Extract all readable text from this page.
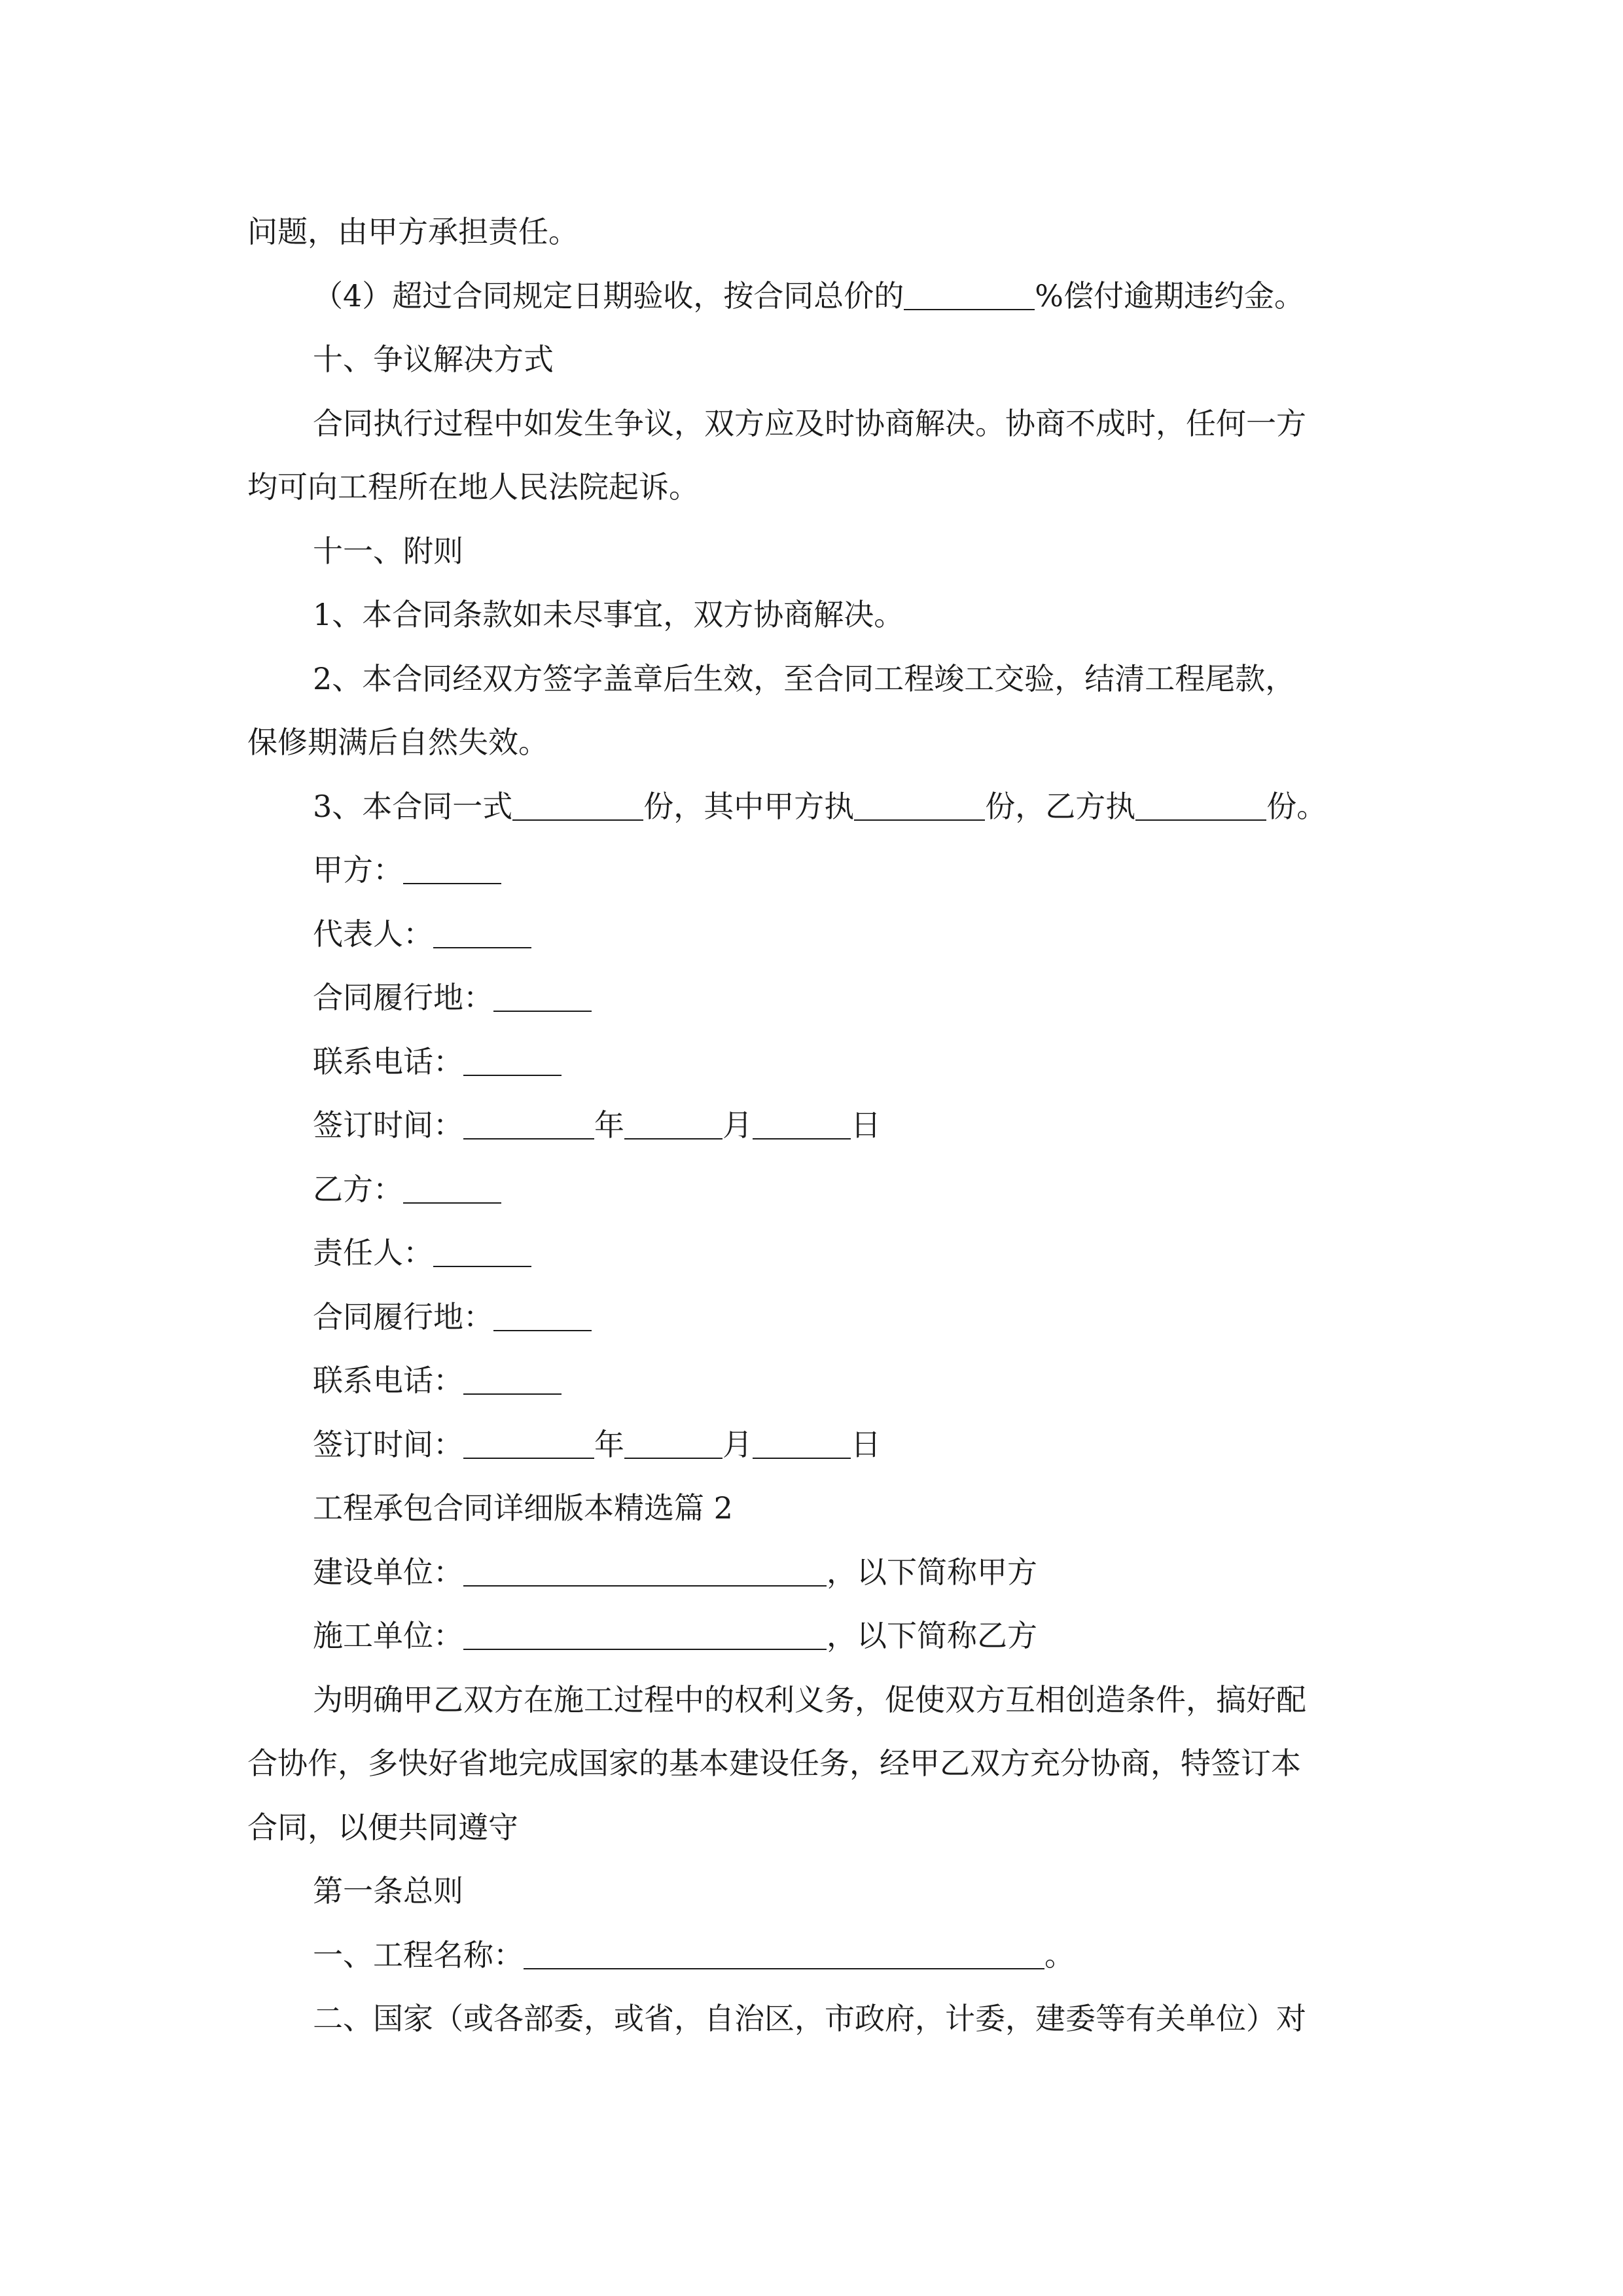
问题，由甲方承担责任。
（4）超过合同规定日期验收，按合同总价的	%偿付逾期违约金。
十、争议解决方式
合同执行过程中如发生争议，双方应及时协商解决。协商不成时，任何一方
均可向工程所在地人民法院起诉。
十一、附则
1、本合同条款如未尽事宜，双方协商解决。
2、本合同经双方签字盖章后生效，至合同工程竣工交验，结清工程尾款，
保修期满后自然失效。
3、本合同一式	份，其中甲方执	份，乙方执	份。
甲方：
代表人：
合同履行地：
联系电话：
签订时间：	年	月	日
乙方：
责任人：
合同履行地：
联系电话：
签订时间：	年	月	日
工程承包合同详细版本精选篇 2
建设单位：	，以下简称甲方
施工单位：	，以下简称乙方
为明确甲乙双方在施工过程中的权利义务，促使双方互相创造条件，搞好配
合协作，多快好省地完成国家的基本建设任务，经甲乙双方充分协商，特签订本
合同，以便共同遵守
第一条总则
一、工程名称：	。
二、国家（或各部委，或省，自治区，市政府，计委，建委等有关单位）对
